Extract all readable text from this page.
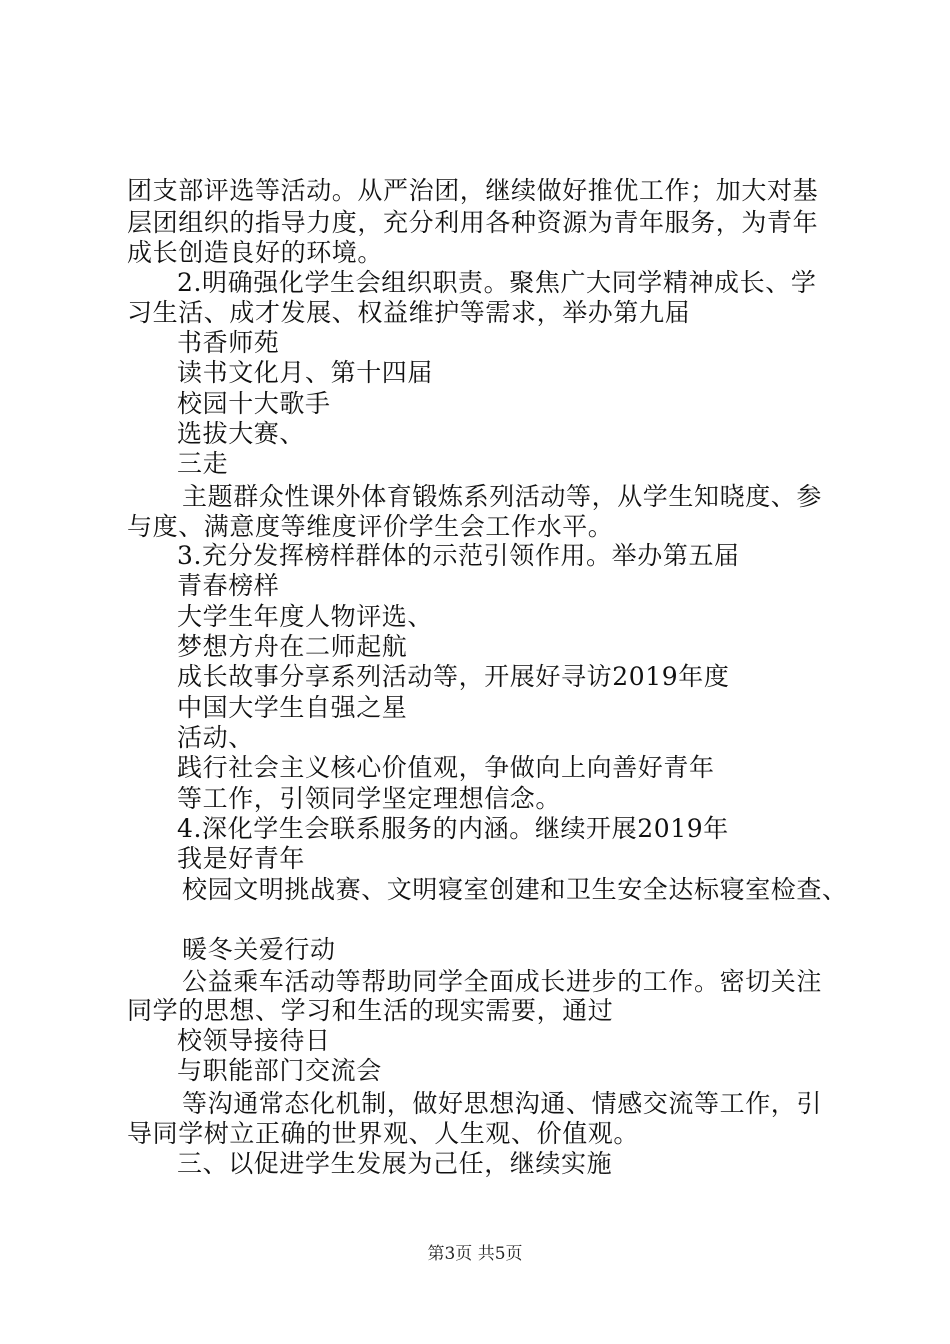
团支部评选等活动。从严治团，继续做好推优工作；加大对基
层团组织的指导力度，充分利用各种资源为青年服务，为青年
成长创造良好的环境。
2.明确强化学生会组织职责。聚焦广大同学精神成长、学
习生活、成才发展、权益维护等需求，举办第九届
书香师苑
读书文化月、第十四届
校园十大歌手
选拔大赛、
三走
主题群众性课外体育锻炼系列活动等，从学生知晓度、参
与度、满意度等维度评价学生会工作水平。
3.充分发挥榜样群体的示范引领作用。举办第五届
青春榜样
大学生年度人物评选、
梦想方舟在二师起航
成长故事分享系列活动等，开展好寻访2019年度
中国大学生自强之星
活动、
践行社会主义核心价值观，争做向上向善好青年
等工作，引领同学坚定理想信念。
4.深化学生会联系服务的内涵。继续开展2019年
我是好青年
校园文明挑战赛、文明寝室创建和卫生安全达标寝室检查、
暖冬关爱行动
公益乘车活动等帮助同学全面成长进步的工作。密切关注
同学的思想、学习和生活的现实需要，通过
校领导接待日
与职能部门交流会
等沟通常态化机制，做好思想沟通、情感交流等工作，引
导同学树立正确的世界观、人生观、价值观。
三、以促进学生发展为己任，继续实施
第3页 共5页
